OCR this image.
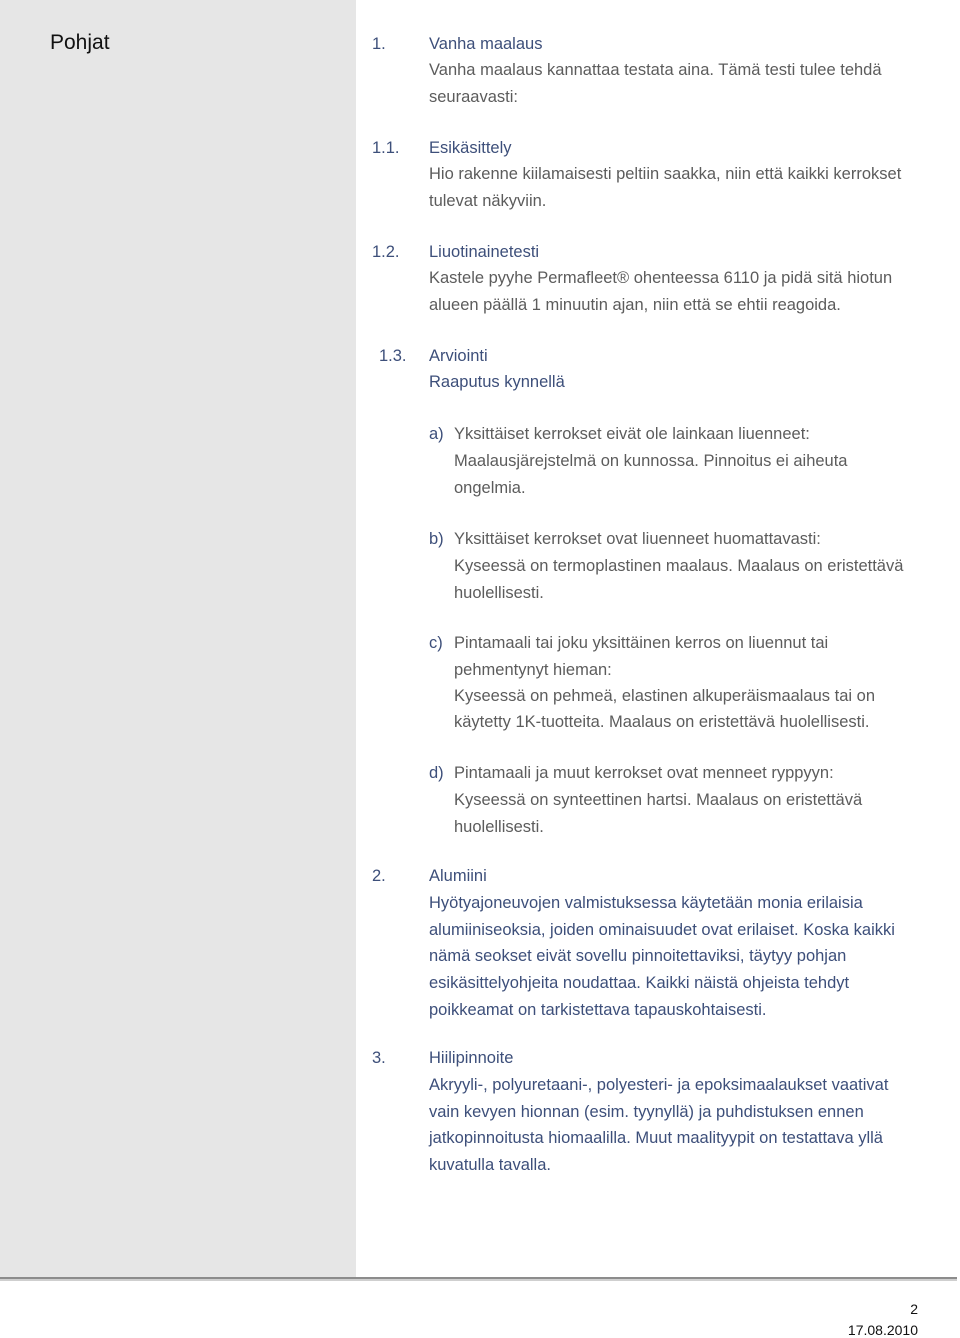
Pohjat	1.	Vanha maalaus
Vanha maalaus kannattaa testata aina. Tämä testi tulee tehdä
seuraavasti:
1.1. Esikäsittely
Hio rakenne kiilamaisesti peltiin saakka, niin että kaikki kerrokset
tulevat näkyviin.
1.2. Liuotinainetesti
Kastele pyyhe Permafleet® ohenteessa 6110 ja pidä sitä hiotun
alueen päällä 1 minuutin ajan, niin että se ehtii reagoida.
1.3. Arviointi
Raaputus kynnellä
a) Yksittäiset kerrokset eivät ole lainkaan liuenneet:
Maalausjärejstelmä on kunnossa. Pinnoitus ei aiheuta
ongelmia.
b) Yksittäiset kerrokset ovat liuenneet huomattavasti:
Kyseessä on termoplastinen maalaus. Maalaus on eristettävä
huolellisesti.
c) Pintamaali tai joku yksittäinen kerros on liuennut tai
pehmentynyt hieman:
Kyseessä on pehmeä, elastinen alkuperäismaalaus tai on
käytetty 1K-tuotteita. Maalaus on eristettävä huolellisesti.
d) Pintamaali ja muut kerrokset ovat menneet ryppyyn:
Kyseessä on synteettinen hartsi. Maalaus on eristettävä
huolellisesti.
2.	Alumiini
Hyötyajoneuvojen valmistuksessa käytetään monia erilaisia
alumiiniseoksia, joiden ominaisuudet ovat erilaiset. Koska kaikki
nämä seokset eivät sovellu pinnoitettaviksi, täytyy pohjan
esikäsittelyohjeita noudattaa. Kaikki näistä ohjeista tehdyt
poikkeamat on tarkistettava tapauskohtaisesti.
3.	Hiilipinnoite
Akryyli-, polyuretaani-, polyesteri- ja epoksimaalaukset vaativat
vain kevyen hionnan (esim. tyynyllä) ja puhdistuksen ennen
jatkopinnoitusta hiomaalilla. Muut maalityypit on testattava yllä
kuvatulla tavalla.
2
17.08.2010
